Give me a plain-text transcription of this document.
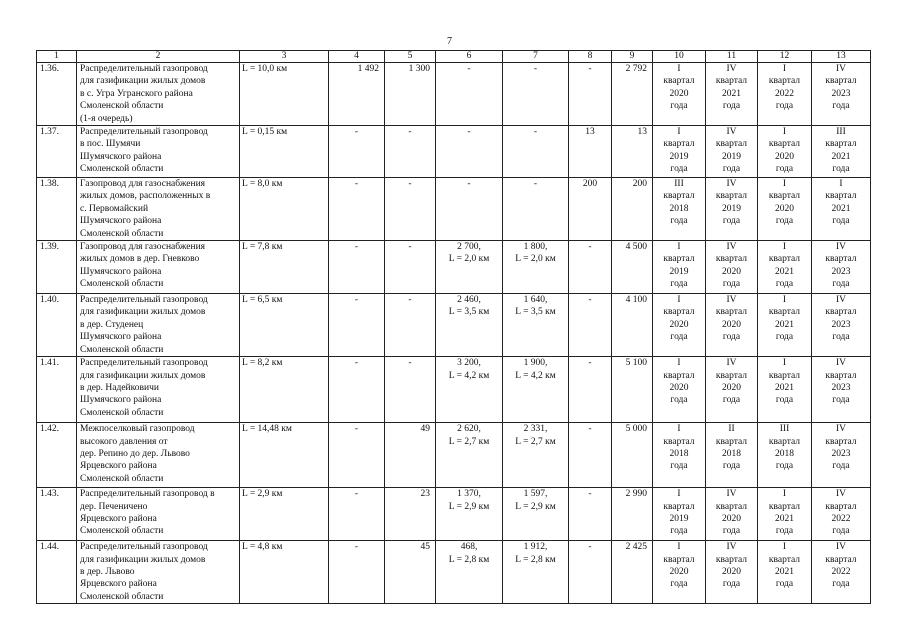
7
1	2	3	4	5	6	7	8	9	10	11	12	13
1.36.	Распределительный газопровод
для газификации жилых домов
в с. Угра Угранского района
Смоленской области
(1-я очередь)	L = 10,0 км	1 492	1 300	-	-	-	2 792	I
квартал
2020
года	IV
квартал
2021
года	I
квартал
2022
года	IV
квартал
2023
года

1.37.	Распределительный газопровод
в пос. Шумячи
Шумячского района
Смоленской области	L = 0,15 км	-	-	-	-	13	13	I
квартал
2019
года	IV
квартал
2019
года	I
квартал
2020
года	III
квартал
2021
года

1.38.	Газопровод для газоснабжения
жилых домов, расположенных в
с. Первомайский
Шумячского района
Смоленской области	L = 8,0 км	-	-	-	-	200	200	III
квартал
2018
года	IV
квартал
2019
года	I
квартал
2020
года	I
квартал
2021
года

1.39.	Газопровод для газоснабжения
жилых домов в дер. Гневково
Шумячского района
Смоленской области	L = 7,8 км	-	-	2 700,
L = 2,0 км	1 800,
L = 2,0 км	-	4 500	I
квартал
2019
года	IV
квартал
2020
года	I
квартал
2021
года	IV
квартал
2023
года

1.40.	Распределительный газопровод
для газификации жилых домов
в дер. Студенец
Шумячского района
Смоленской области	L = 6,5 км	-	-	2 460,
L = 3,5 км	1 640,
L = 3,5 км	-	4 100	I
квартал
2020
года	IV
квартал
2020
года	I
квартал
2021
года	IV
квартал
2023
года

1.41.	Распределительный газопровод
для газификации жилых домов
в дер. Надейковичи
Шумячского района
Смоленской области	L = 8,2 км	-	-	3 200,
L = 4,2 км	1 900,
L = 4,2 км	-	5 100	I
квартал
2020
года	IV
квартал
2020
года	I
квартал
2021
года	IV
квартал
2023
года

1.42.	Межпоселковый газопровод
высокого давления от
дер. Репино до дер. Львово
Ярцевского района
Смоленской области	L = 14,48 км	-	49	2 620,
L = 2,7 км	2 331,
L = 2,7 км	-	5 000	I
квартал
2018
года	II
квартал
2018
года	III
квартал
2018
года	IV
квартал
2023
года

1.43.	Распределительный газопровод в
дер. Печеничено
Ярцевского района
Смоленской области	L = 2,9 км	-	23	1 370,
L = 2,9 км	1 597,
L = 2,9 км	-	2 990	I
квартал
2019
года	IV
квартал
2020
года	I
квартал
2021
года	IV
квартал
2022
года

1.44.	Распределительный газопровод
для газификации жилых домов
в дер. Львово
Ярцевского района
Смоленской области	L = 4,8 км	-	45	468,
L = 2,8 км	1 912,
L = 2,8 км	-	2 425	I
квартал
2020
года	IV
квартал
2020
года	I
квартал
2021
года	IV
квартал
2022
года
